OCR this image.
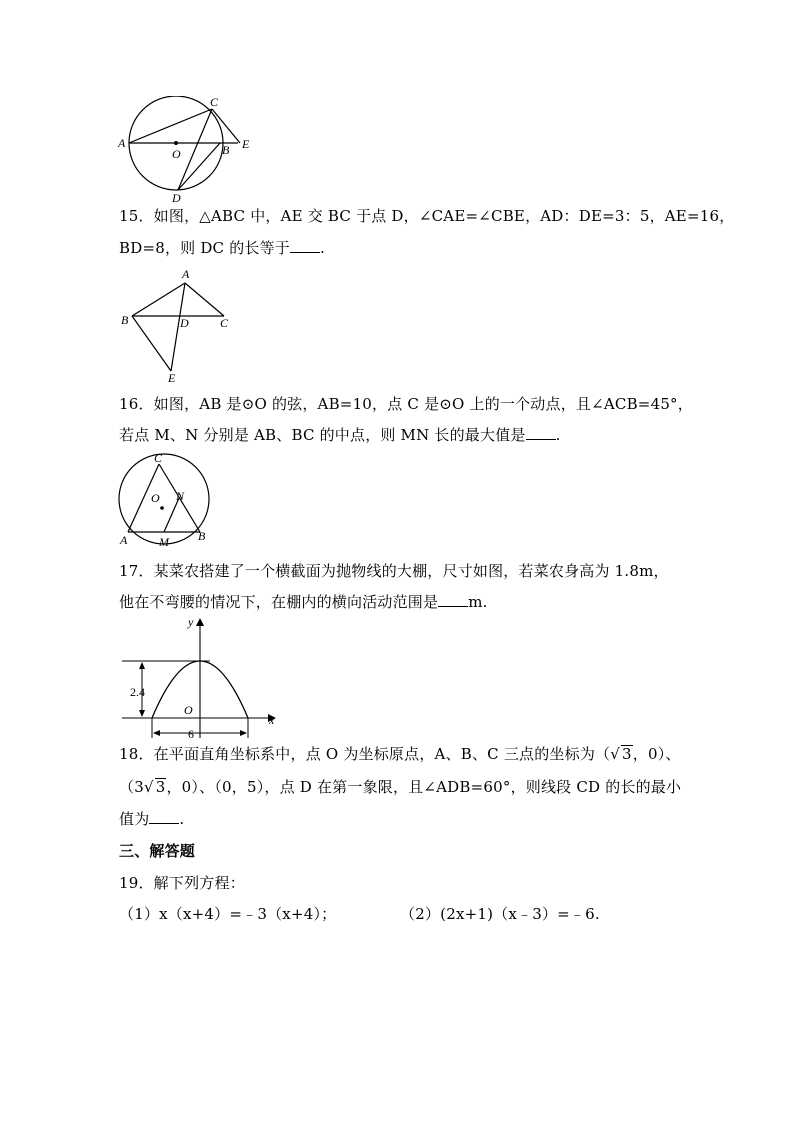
A
C
O	B E
D
15．如图，△ABC 中，AE 交 BC 于点 D，∠CAE=∠CBE，AD：DE=3：5，AE=16，
BD=8，则 DC 的长等于 .
A
B	D	C
E
16．如图，AB 是⊙O 的弦，AB=10，点 C 是⊙O 上的一个动点，且∠ACB=45°，
若点 M、N 分别是 AB、BC 的中点，则 MN 长的最大值是 .
C
O N
A	M B
17．某菜农搭建了一个横截面为抛物线的大棚，尺寸如图，若菜农身高为 1.8m，
他在不弯腰的情况下，在棚内的横向活动范围是 m.
y
2.4
O
x
6
18．在平面直角坐标系中，点 O 为坐标原点，A、B、C 三点的坐标为（√ 3，0）、
（3√ 3，0）、（0，5），点 D 在第一象限，且∠ADB=60°，则线段 CD 的长的最小
值为 .
三、解答题
19．解下列方程：
（1）x（x+4）=﹣3（x+4）；	（2）(2x+1)（x﹣3）=﹣6.
